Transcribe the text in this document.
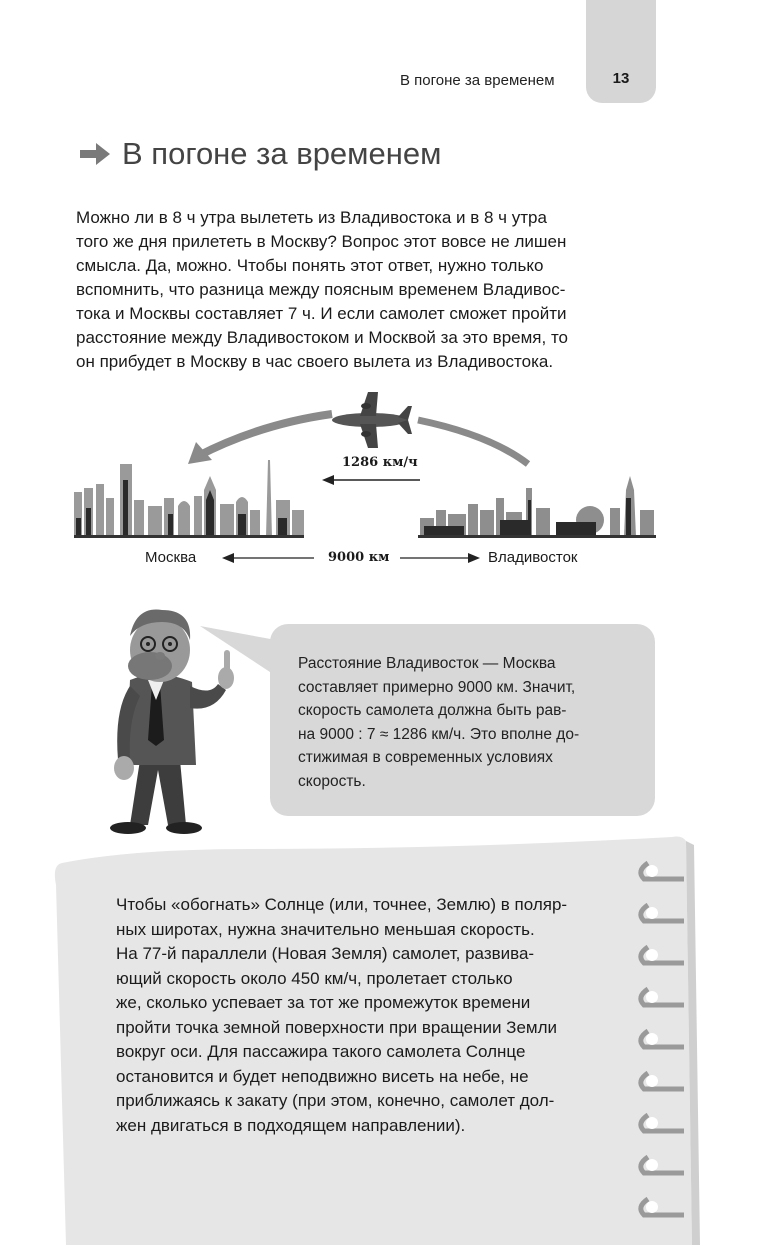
13
В погоне за временем
В погоне за временем

Можно ли в 8 ч утра вылететь из Владивостока и в 8 ч утра

того же дня прилететь в Москву? Вопрос этот вовсе не лишен

смысла. Да, можно. Чтобы понять этот ответ, нужно только

вспомнить, что разница между поясным временем Владивос-

тока и Москвы составляет 7 ч. И если самолет сможет пройти

расстояние между Владивостоком и Москвой за это время, то

он прибудет в Москву в час своего вылета из Владивостока.

1286 км/ч
Москва	9000 км	Владивосток
Расстояние Владивосток — Москва
составляет примерно 9000 км. Значит,
скорость самолета должна быть рав-
на 9000 : 7 ≈ 1286 км/ч. Это вполне до-
стижимая в современных условиях
скорость.

Чтобы «обогнать» Солнце (или, точнее, Землю) в поляр-

ных широтах, нужна значительно меньшая скорость.

На 77-й параллели (Новая Земля) самолет, развива-

ющий скорость около 450 км/ч, пролетает столько

же, сколько успевает за тот же промежуток времени

пройти точка земной поверхности при вращении Земли

вокруг оси. Для пассажира такого самолета Солнце

остановится и будет неподвижно висеть на небе, не

приближаясь к закату (при этом, конечно, самолет дол-

жен двигаться в подходящем направлении).
